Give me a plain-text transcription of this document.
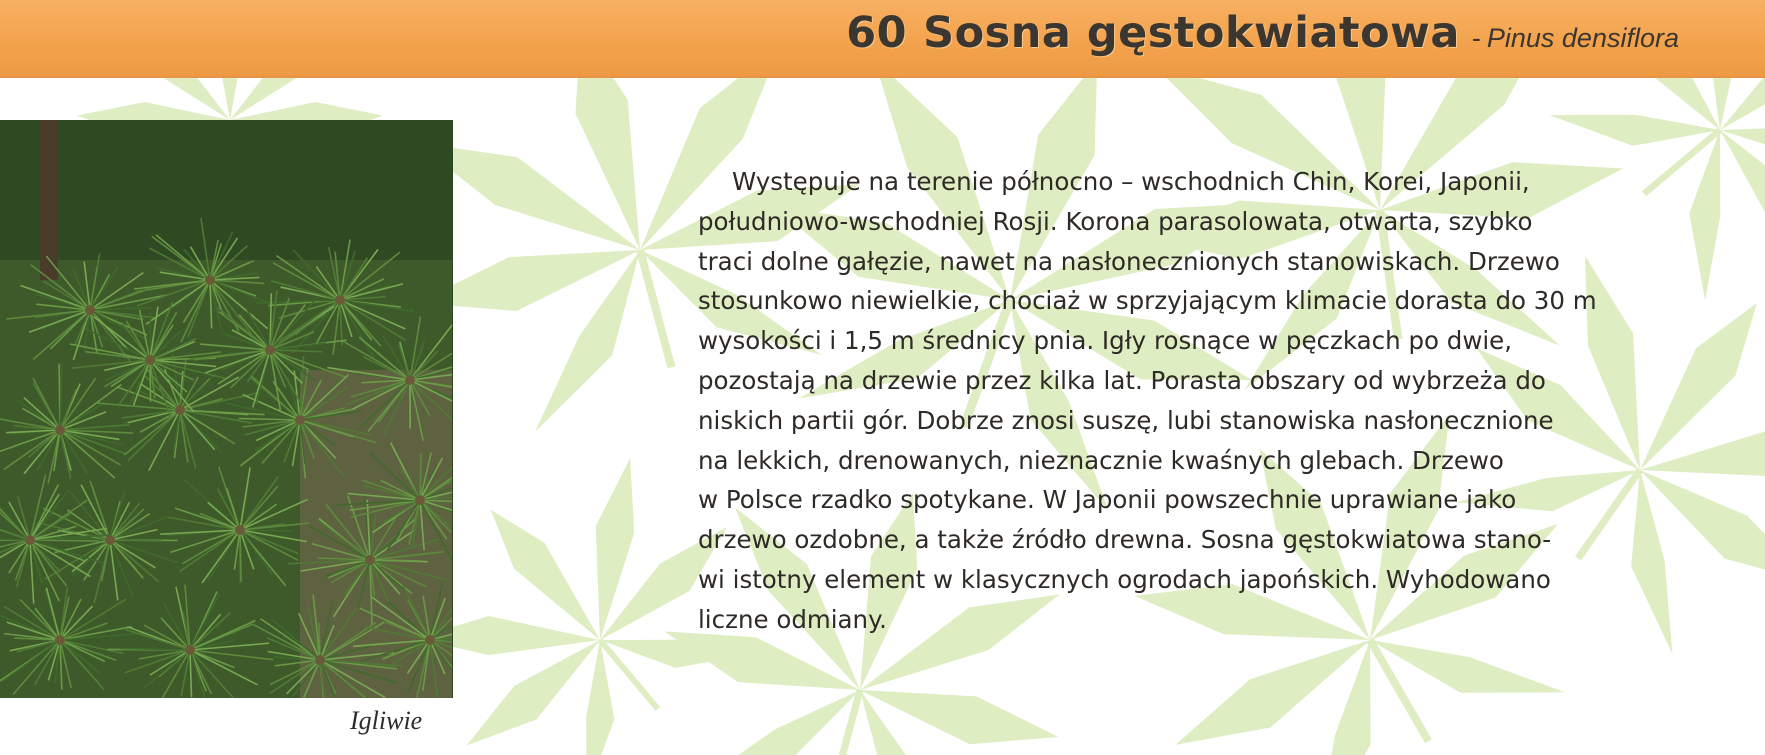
60 Sosna gęstokwiatowa - Pinus densiflora
Igliwie
Występuje na terenie północno – wschodnich Chin, Korei, Japonii,
południowo-wschodniej Rosji. Korona parasolowata, otwarta, szybko
traci dolne gałęzie, nawet na nasłonecznionych stanowiskach. Drzewo
stosunkowo niewielkie, chociaż w sprzyjającym klimacie dorasta do 30 m
wysokości i 1,5 m średnicy pnia. Igły rosnące w pęczkach po dwie,
pozostają na drzewie przez kilka lat. Porasta obszary od wybrzeża do
niskich partii gór. Dobrze znosi suszę, lubi stanowiska nasłonecznione
na lekkich, drenowanych, nieznacznie kwaśnych glebach. Drzewo
w Polsce rzadko spotykane. W Japonii powszechnie uprawiane jako
drzewo ozdobne, a także źródło drewna. Sosna gęstokwiatowa stano-
wi istotny element w klasycznych ogrodach japońskich. Wyhodowano
liczne odmiany.
